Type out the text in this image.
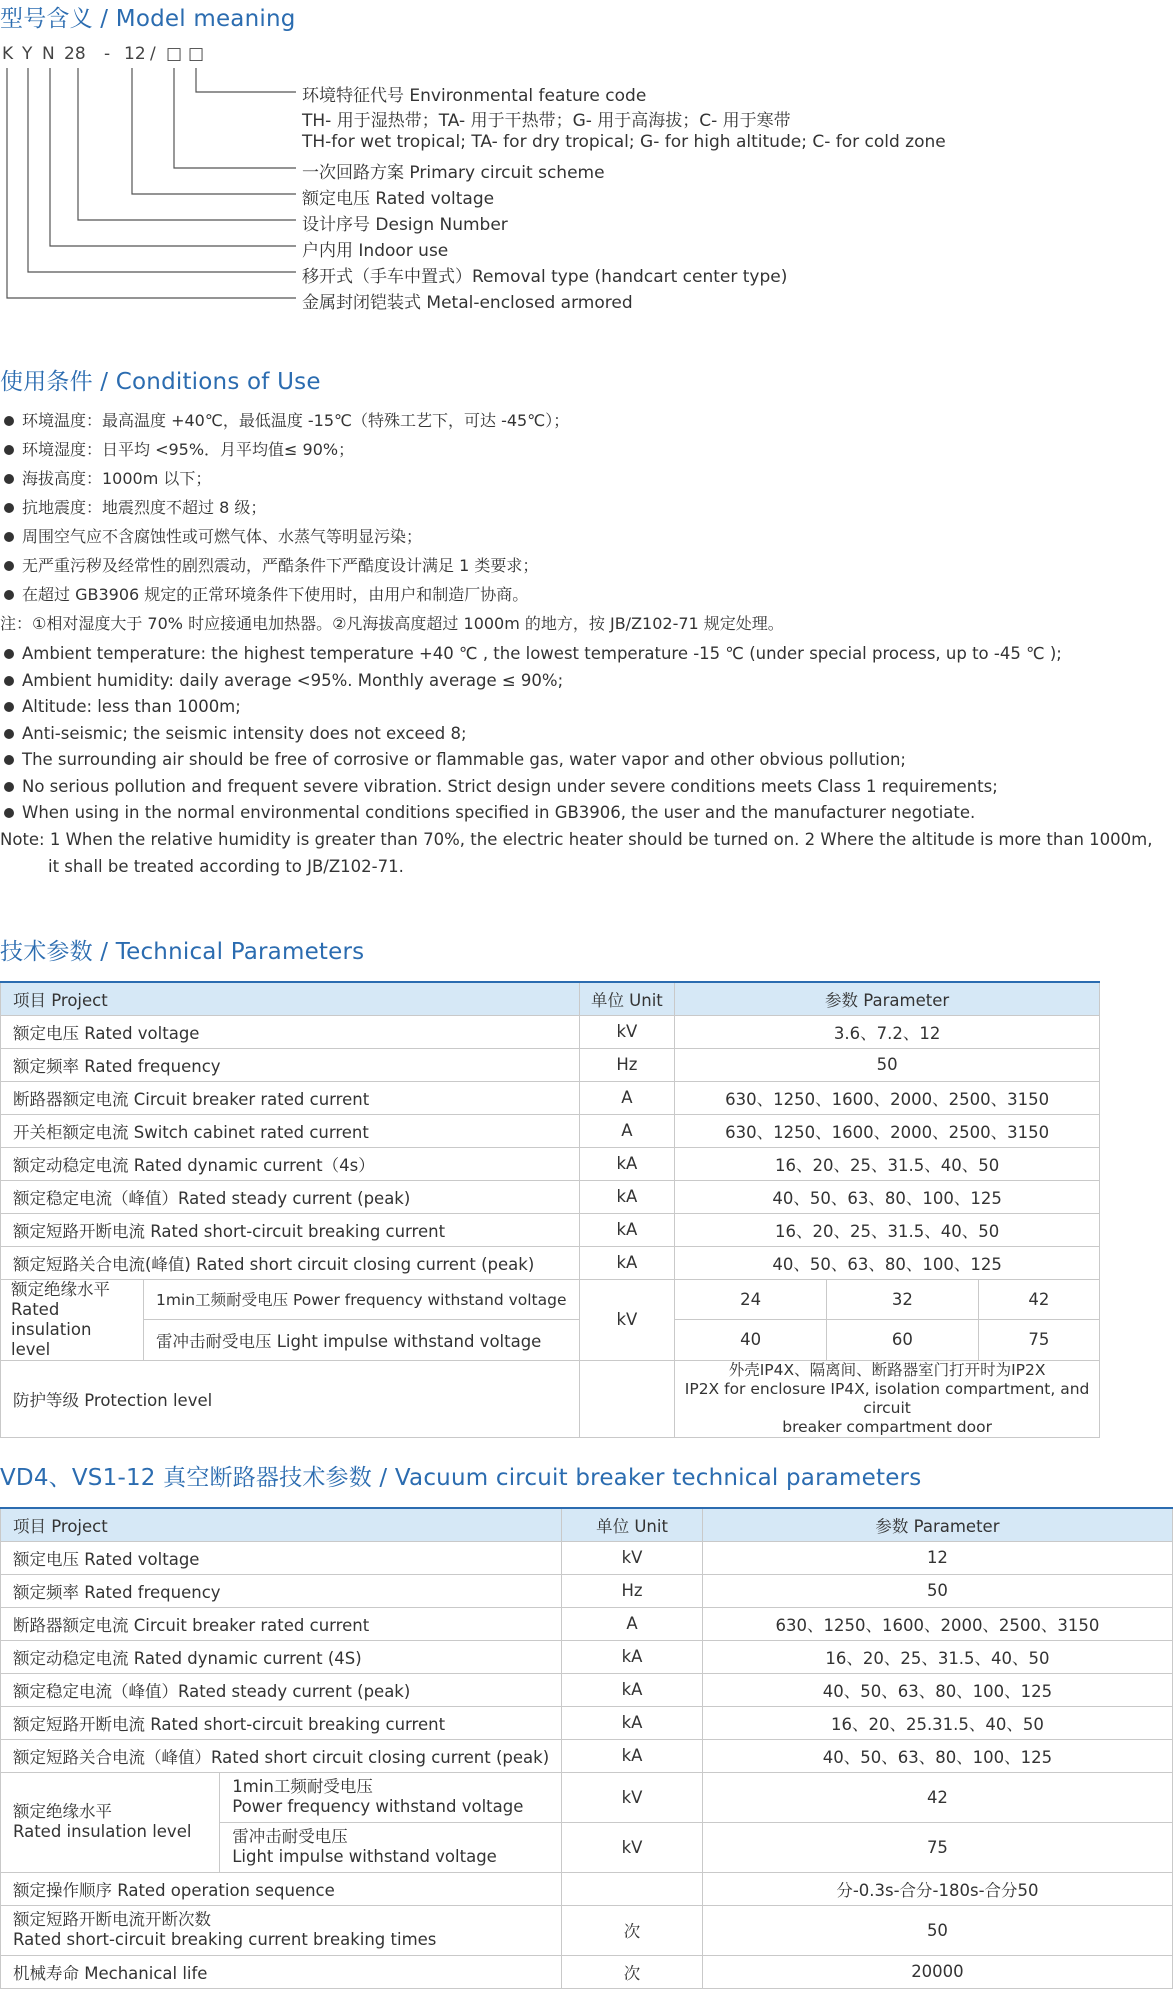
型号含义 / Model meaning
K Y N 28 - 12 / □ □
环境特征代号 Environmental feature code
TH- 用于湿热带；TA- 用于干热带；G- 用于高海拔；C- 用于寒带
TH-for wet tropical; TA- for dry tropical; G- for high altitude; C- for cold zone
一次回路方案 Primary circuit scheme
额定电压 Rated voltage
设计序号 Design Number
户内用 Indoor use
移开式（手车中置式）Removal type (handcart center type)
金属封闭铠装式 Metal-enclosed armored
使用条件 / Conditions of Use
环境温度：最高温度 +40℃，最低温度 -15℃（特殊工艺下，可达 -45℃）；
环境湿度：日平均 <95%．月平均值≤ 90%；
海拔高度：1000m 以下；
抗地震度：地震烈度不超过 8 级；
周围空气应不含腐蚀性或可燃气体、水蒸气等明显污染；
无严重污秽及经常性的剧烈震动，严酷条件下严酷度设计满足 1 类要求；
在超过 GB3906 规定的正常环境条件下使用时，由用户和制造厂协商。
注：①相对湿度大于 70% 时应接通电加热器。②凡海拔高度超过 1000m 的地方，按 JB/Z102-71 规定处理。
Ambient temperature: the highest temperature +40 ℃ , the lowest temperature -15 ℃ (under special process, up to -45 ℃ );
Ambient humidity: daily average <95%. Monthly average ≤ 90%;
Altitude: less than 1000m;
Anti-seismic; the seismic intensity does not exceed 8;
The surrounding air should be free of corrosive or flammable gas, water vapor and other obvious pollution;
No serious pollution and frequent severe vibration. Strict design under severe conditions meets Class 1 requirements;
When using in the normal environmental conditions specified in GB3906, the user and the manufacturer negotiate.
Note: 1 When the relative humidity is greater than 70%, the electric heater should be turned on. 2 Where the altitude is more than 1000m,
it shall be treated according to JB/Z102-71.
技术参数 / Technical Parameters
项目 Project		单位 Unit	参数 Parameter		
额定电压 Rated voltage		kV	3.6、7.2、12		
额定频率 Rated frequency		Hz	50		
断路器额定电流 Circuit breaker rated current		A	630、1250、1600、2000、2500、3150		
开关柜额定电流 Switch cabinet rated current		A	630、1250、1600、2000、2500、3150		
额定动稳定电流 Rated dynamic current（4s）		kA	16、20、25、31.5、40、50		
额定稳定电流（峰值）Rated steady current (peak)		kA	40、50、63、80、100、125		
额定短路开断电流 Rated short-circuit breaking current		kA	16、20、25、31.5、40、50		
额定短路关合电流(峰值) Rated short circuit closing current (peak)		kA	40、50、63、80、100、125		
额定绝缘水平
Rated insulation
level	1min工频耐受电压 Power frequency withstand voltage	kV	24	32	42
	雷冲击耐受电压 Light impulse withstand voltage		40	60	75
防护等级 Protection level			外壳IP4X、隔离间、断路器室门打开时为IP2X
IP2X for enclosure IP4X, isolation compartment, and circuit
breaker compartment door		
VD4、VS1-12 真空断路器技术参数 / Vacuum circuit breaker technical parameters
项目 Project		单位 Unit	参数 Parameter
额定电压 Rated voltage		kV	12
额定频率 Rated frequency		Hz	50
断路器额定电流 Circuit breaker rated current		A	630、1250、1600、2000、2500、3150
额定动稳定电流 Rated dynamic current (4S)		kA	16、20、25、31.5、40、50
额定稳定电流（峰值）Rated steady current (peak)		kA	40、50、63、80、100、125
额定短路开断电流 Rated short-circuit breaking current		kA	16、20、25.31.5、40、50
额定短路关合电流（峰值）Rated short circuit closing current (peak)		kA	40、50、63、80、100、125
额定绝缘水平
Rated insulation level	1min工频耐受电压
Power frequency withstand voltage	kV	42
	雷冲击耐受电压
Light impulse withstand voltage	kV	75
额定操作顺序 Rated operation sequence			分-0.3s-合分-180s-合分50
额定短路开断电流开断次数
Rated short-circuit breaking current breaking times		次	50
机械寿命 Mechanical life		次	20000
